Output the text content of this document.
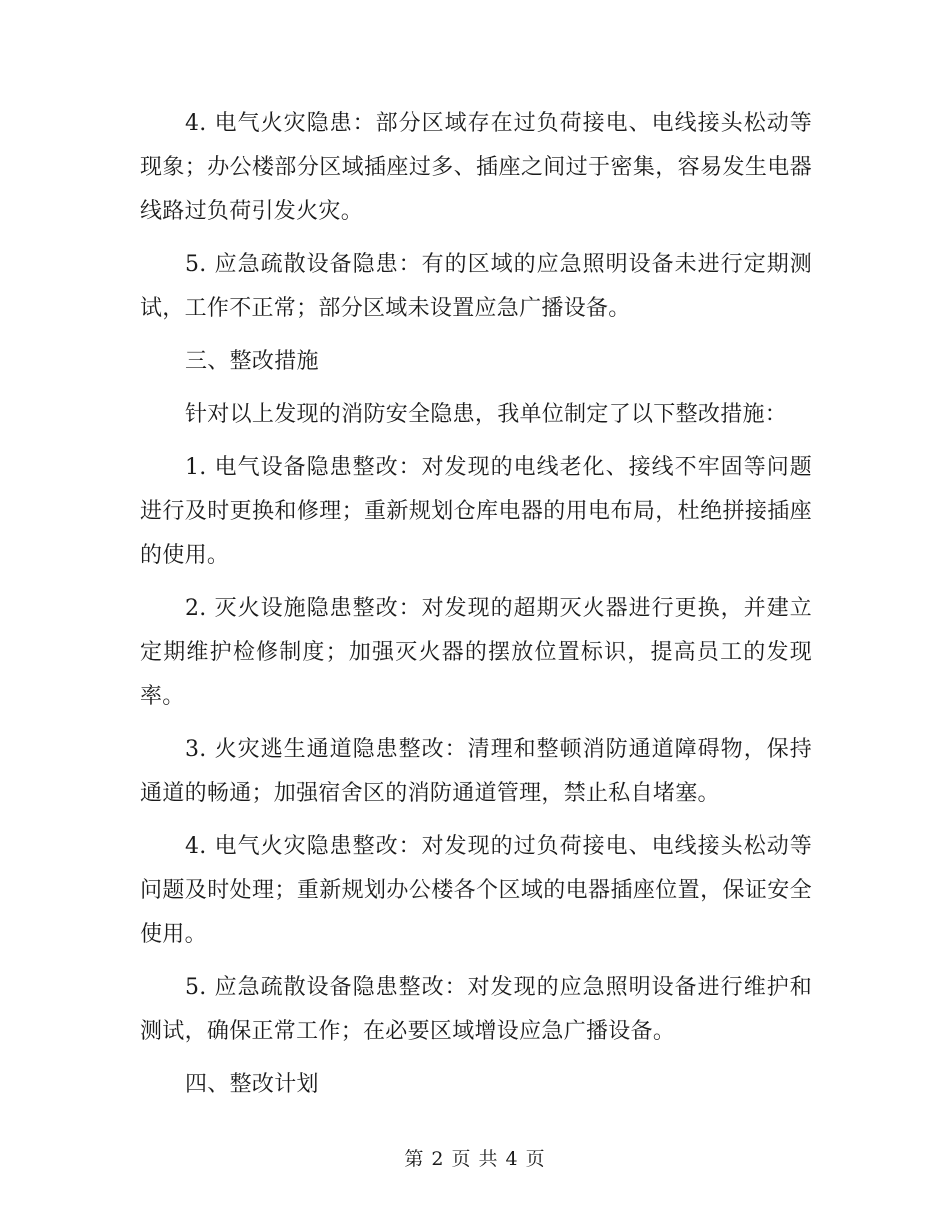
4. 电气火灾隐患：部分区域存在过负荷接电、电线接头松动等现象；办公楼部分区域插座过多、插座之间过于密集，容易发生电器线路过负荷引发火灾。

5. 应急疏散设备隐患：有的区域的应急照明设备未进行定期测试，工作不正常；部分区域未设置应急广播设备。

三、整改措施

针对以上发现的消防安全隐患，我单位制定了以下整改措施：

1. 电气设备隐患整改：对发现的电线老化、接线不牢固等问题进行及时更换和修理；重新规划仓库电器的用电布局，杜绝拼接插座的使用。

2. 灭火设施隐患整改：对发现的超期灭火器进行更换，并建立定期维护检修制度；加强灭火器的摆放位置标识，提高员工的发现率。

3. 火灾逃生通道隐患整改：清理和整顿消防通道障碍物，保持通道的畅通；加强宿舍区的消防通道管理，禁止私自堵塞。

4. 电气火灾隐患整改：对发现的过负荷接电、电线接头松动等问题及时处理；重新规划办公楼各个区域的电器插座位置，保证安全使用。

5. 应急疏散设备隐患整改：对发现的应急照明设备进行维护和测试，确保正常工作；在必要区域增设应急广播设备。

四、整改计划

第 2 页 共 4 页
